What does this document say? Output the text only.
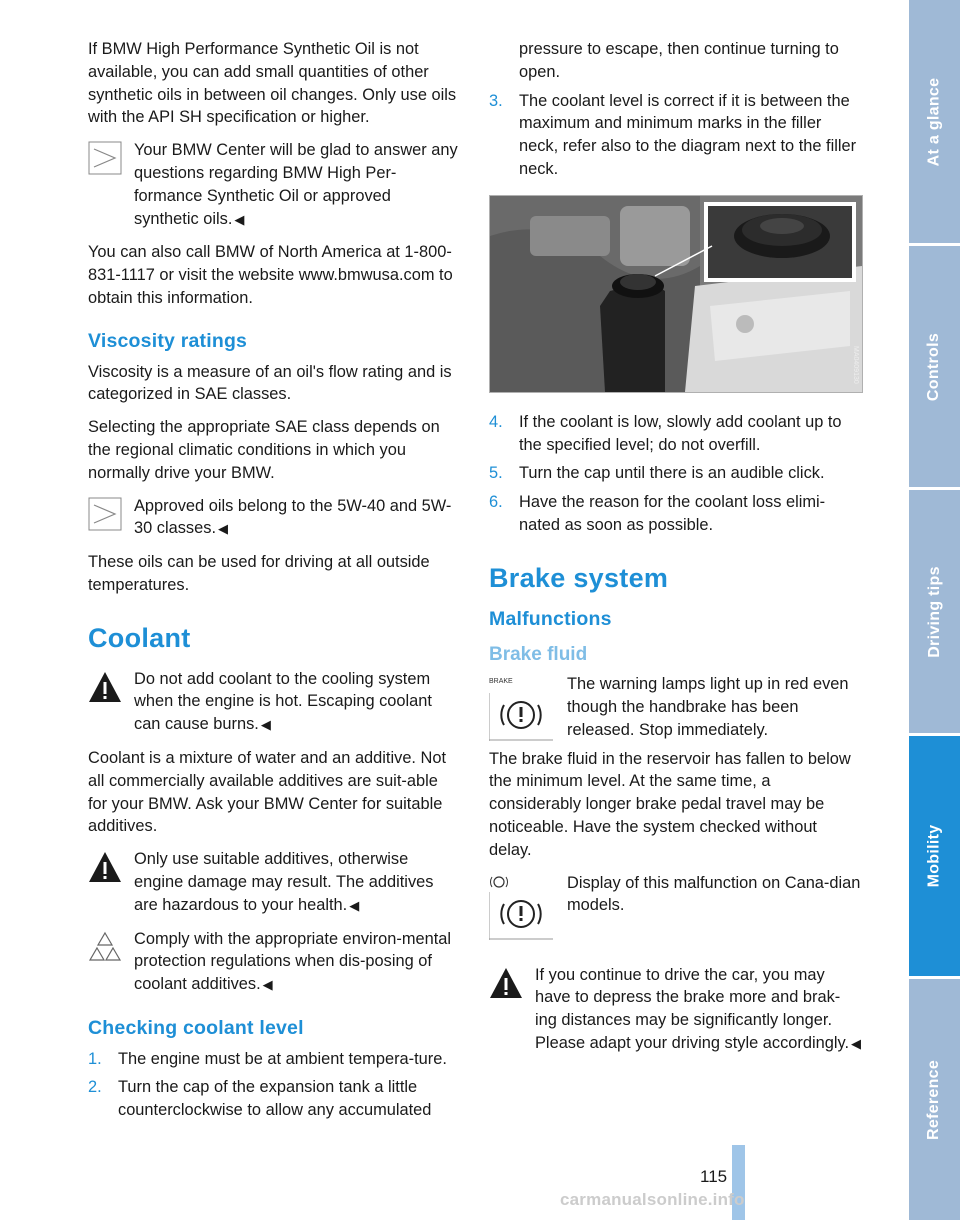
If BMW High Performance Synthetic Oil is not available, you can add small quantities of other synthetic oils in between oil changes. Only use oils with the API SH specification or higher.

Your BMW Center will be glad to answer any questions regarding BMW High Per-formance Synthetic Oil or approved synthetic oils. ◀

You can also call BMW of North America at 1-800-831-1117 or visit the website www.bmwusa.com to obtain this information.

Viscosity ratings

Viscosity is a measure of an oil's flow rating and is categorized in SAE classes.

Selecting the appropriate SAE class depends on the regional climatic conditions in which you normally drive your BMW.

Approved oils belong to the 5W-40 and 5W-30 classes. ◀

These oils can be used for driving at all outside temperatures.

Coolant
Do not add coolant to the cooling system when the engine is hot. Escaping coolant can cause burns. ◀

Coolant is a mixture of water and an additive. Not all commercially available additives are suit-able for your BMW. Ask your BMW Center for suitable additives.

Only use suitable additives, otherwise engine damage may result. The additives are hazardous to your health. ◀
Comply with the appropriate environ-mental protection regulations when dis-posing of coolant additives. ◀
Checking coolant level
1. The engine must be at ambient tempera-ture.
2. Turn the cap of the expansion tank a little counterclockwise to allow any accumulated
pressure to escape, then continue turning to open.
3. The coolant level is correct if it is between the maximum and minimum marks in the filler neck, refer also to the diagram next to the filler neck.
MA0409130
4. If the coolant is low, slowly add coolant up to the specified level; do not overfill.
5. Turn the cap until there is an audible click.
6. Have the reason for the coolant loss elimi-nated as soon as possible.
Brake system
Malfunctions
Brake fluid
BRAKE	The warning lamps light up in red even though the handbrake has been released. Stop immediately.

The brake fluid in the reservoir has fallen to below the minimum level. At the same time, a considerably longer brake pedal travel may be noticeable. Have the system checked without delay.

Display of this malfunction on Cana-dian models.
If you continue to drive the car, you may have to depress the brake more and brak-ing distances may be significantly longer. Please adapt your driving style accordingly. ◀
At a glance
Controls
Driving tips
Mobility
Reference
115
carmanualsonline.info
